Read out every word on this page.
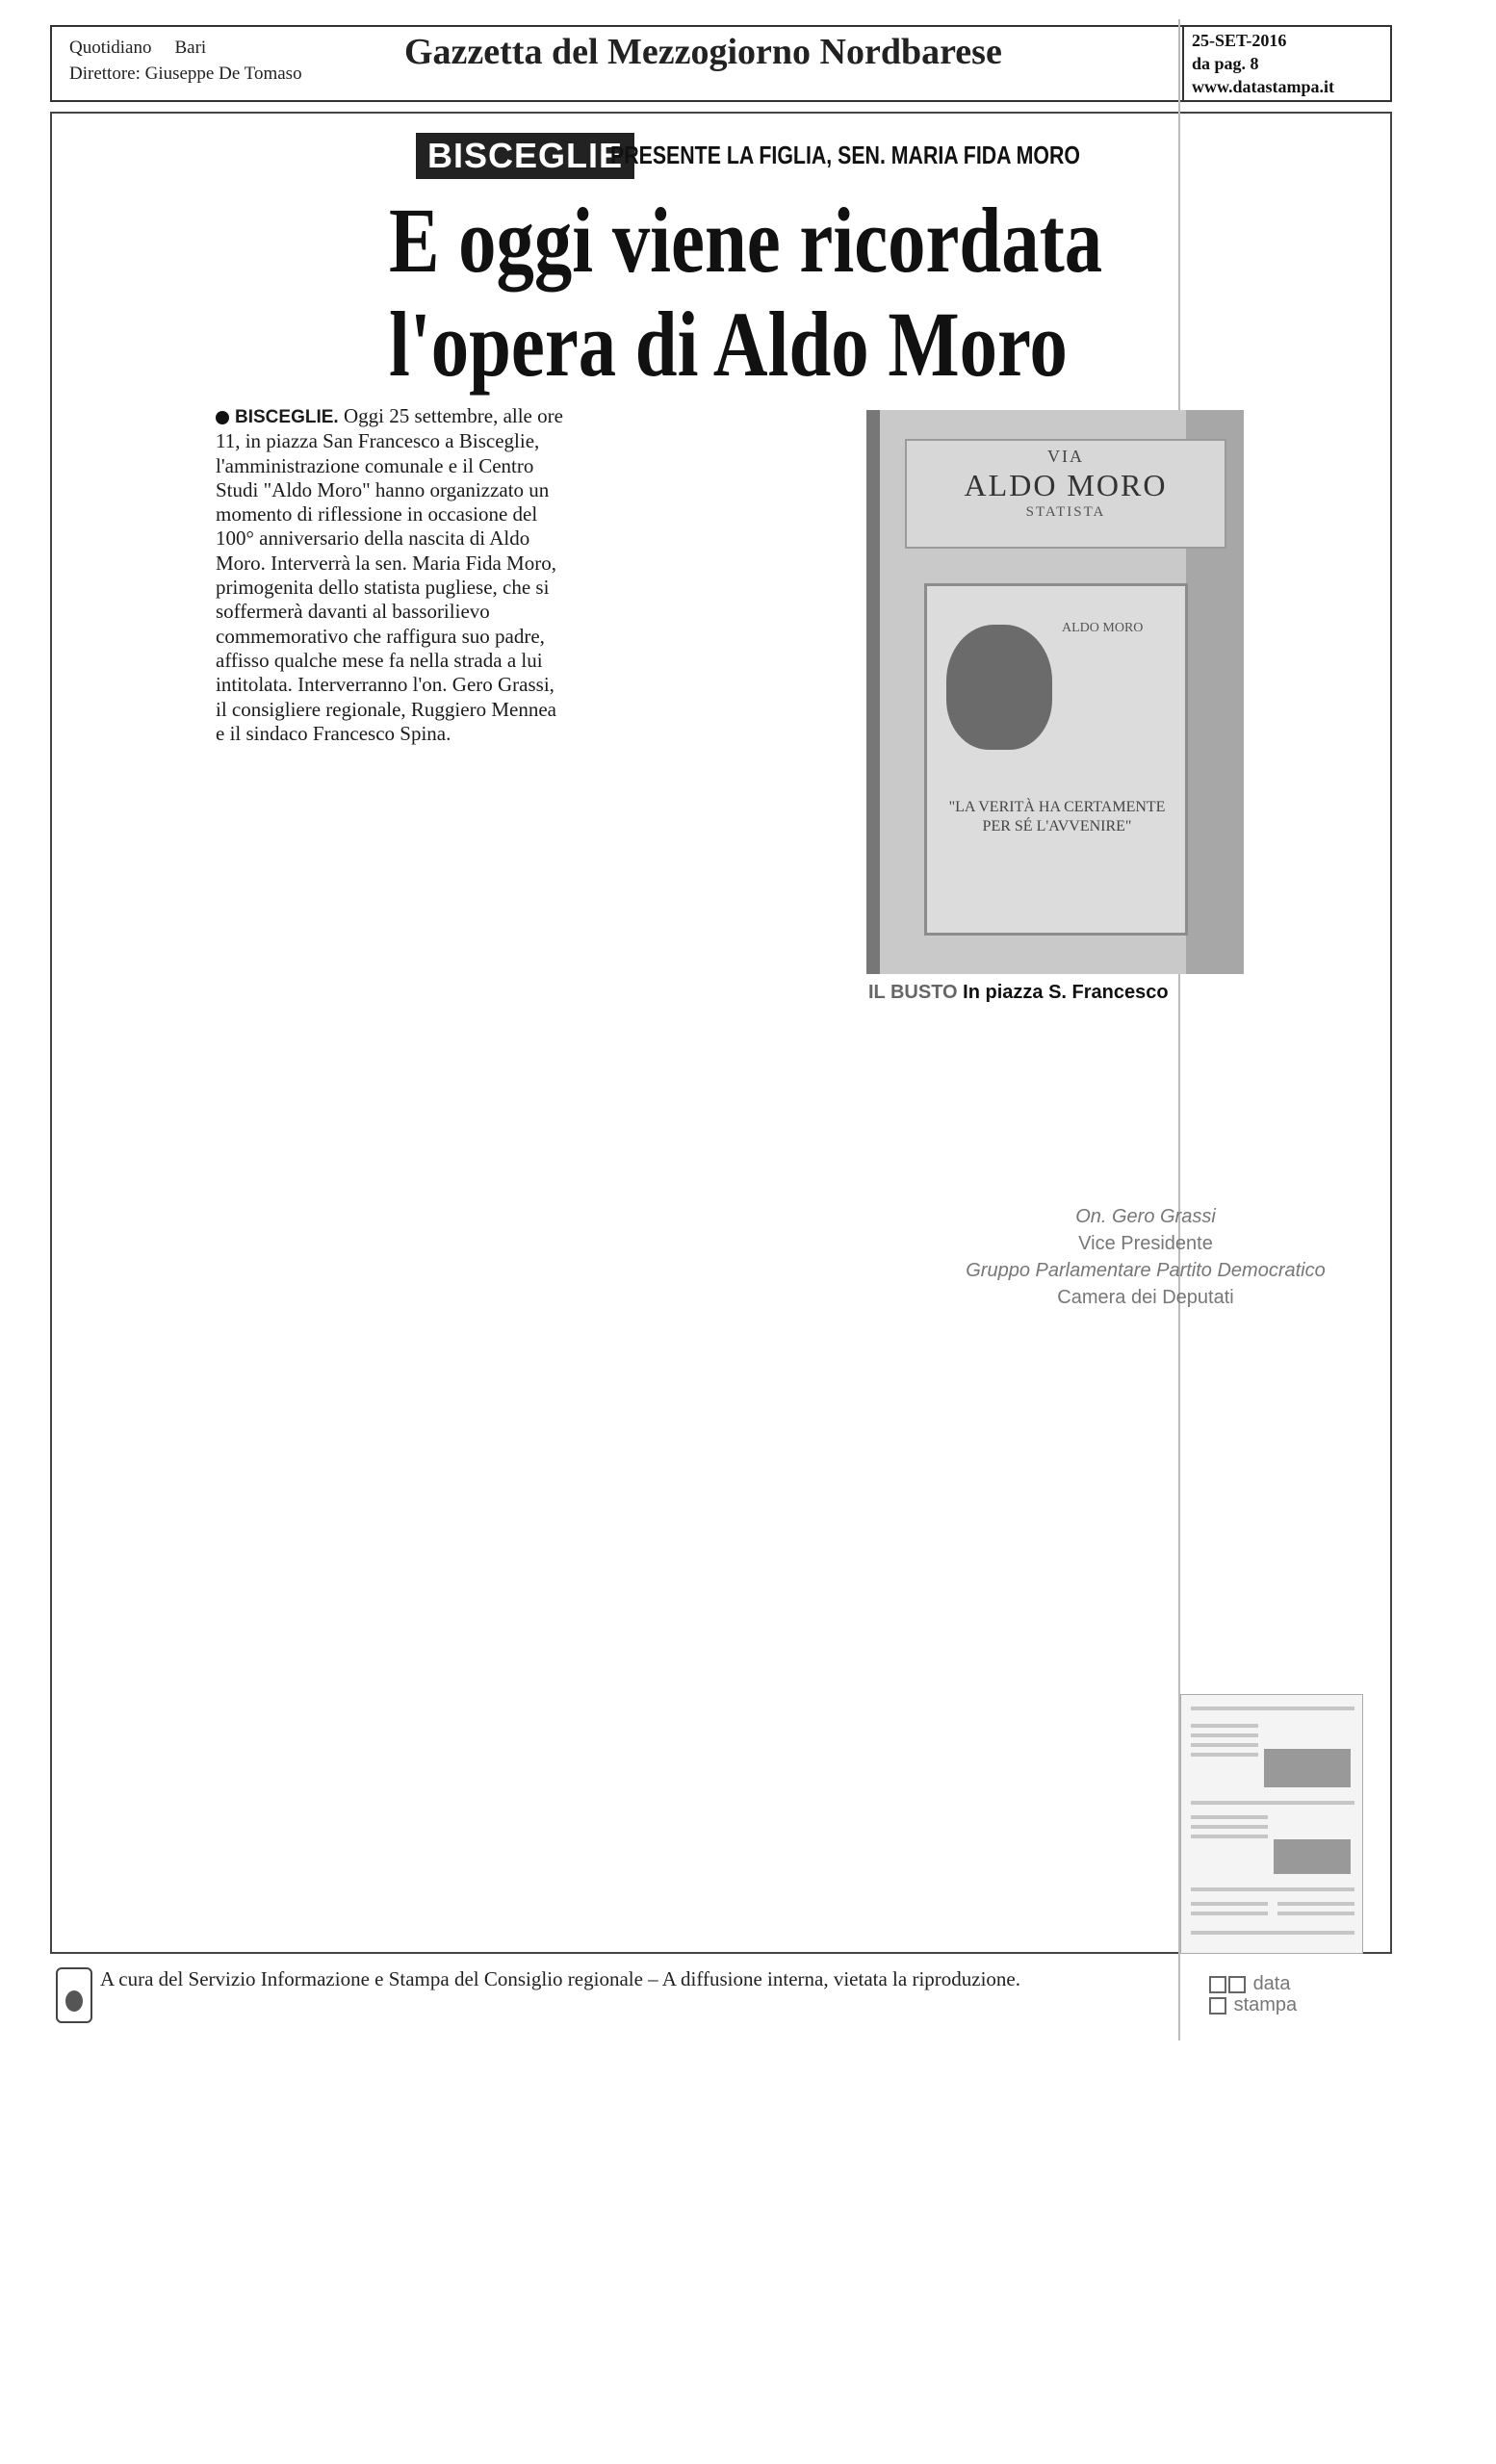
Quotidiano Bari
Direttore: Giuseppe De Tomaso
Gazzetta del Mezzogiorno Nordbarese	25-SET-2016
da pag. 8
www.datastampa.it
BISCEGLIE
PRESENTE LA FIGLIA, SEN. MARIA FIDA MORO
E oggi viene ricordata
l'opera di Aldo Moro
BISCEGLIE. Oggi 25 settembre, alle ore 11, in piazza San Francesco a Bisceglie, l'amministrazione comunale e il Centro Studi "Aldo Moro" hanno organizzato un momento di riflessione in occasione del 100° anniversario della nascita di Aldo Moro. Interverrà la sen. Maria Fida Moro, primogenita dello statista pugliese, che si soffermerà davanti al bassorilievo commemorativo che raffigura suo padre, affisso qualche mese fa nella strada a lui intitolata. Interverranno l'on. Gero Grassi, il consigliere regionale, Ruggiero Mennea e il sindaco Francesco Spina.
VIA
ALDO MORO
STATISTA
ALDO MORO
"LA VERITÀ HA CERTAMENTE PER SÉ L'AVVENIRE"
IL BUSTO In piazza S. Francesco
On. Gero Grassi
Vice Presidente
Gruppo Parlamentare Partito Democratico
Camera dei Deputati
A cura del Servizio Informazione e Stampa del Consiglio regionale – A diffusione interna, vietata la riproduzione.	data
stampa
